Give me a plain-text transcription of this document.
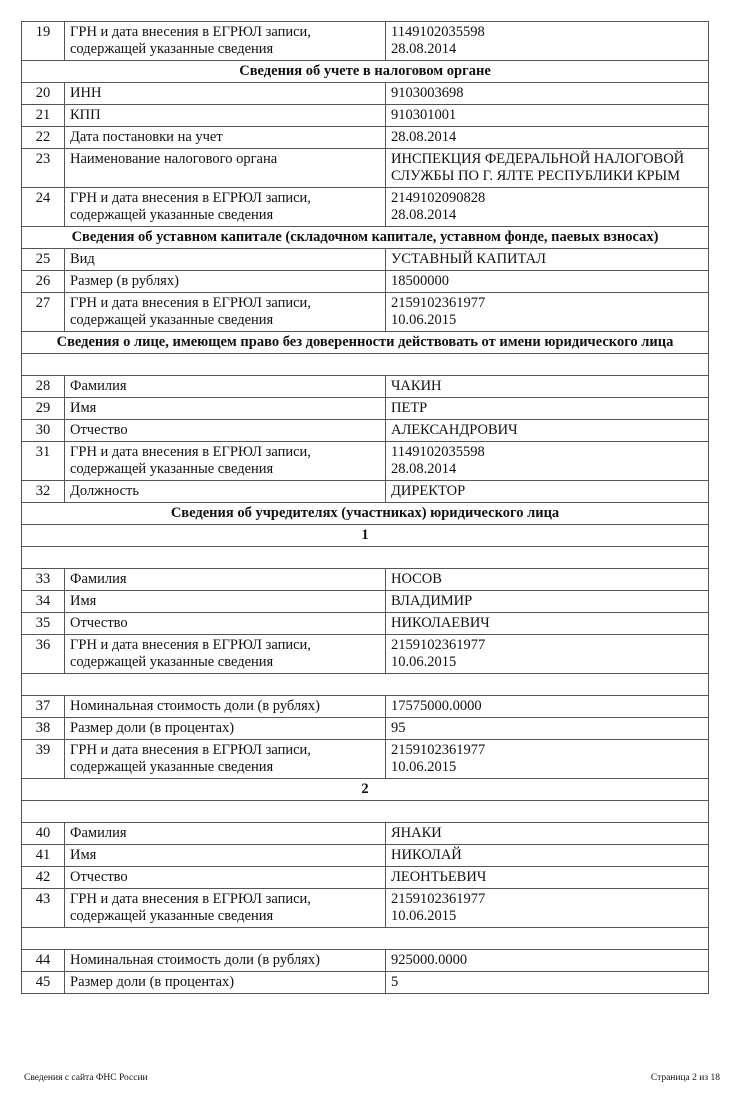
19	ГРН и дата внесения в ЕГРЮЛ записи, содержащей указанные сведения	1149102035598
28.08.2014
Сведения об учете в налоговом органе		
20	ИНН	9103003698
21	КПП	910301001
22	Дата постановки на учет	28.08.2014
23	Наименование налогового органа	ИНСПЕКЦИЯ ФЕДЕРАЛЬНОЙ НАЛОГОВОЙ СЛУЖБЫ ПО Г. ЯЛТЕ РЕСПУБЛИКИ КРЫМ
24	ГРН и дата внесения в ЕГРЮЛ записи, содержащей указанные сведения	2149102090828
28.08.2014
Сведения об уставном капитале (складочном капитале, уставном фонде, паевых взносах)		
25	Вид	УСТАВНЫЙ КАПИТАЛ
26	Размер (в рублях)	18500000
27	ГРН и дата внесения в ЕГРЮЛ записи, содержащей указанные сведения	2159102361977
10.06.2015
Сведения о лице, имеющем право без доверенности действовать от имени юридического лица		

28	Фамилия	ЧАКИН
29	Имя	ПЕТР
30	Отчество	АЛЕКСАНДРОВИЧ
31	ГРН и дата внесения в ЕГРЮЛ записи, содержащей указанные сведения	1149102035598
28.08.2014
32	Должность	ДИРЕКТОР
Сведения об учредителях (участниках) юридического лица		
1		

33	Фамилия	НОСОВ
34	Имя	ВЛАДИМИР
35	Отчество	НИКОЛАЕВИЧ
36	ГРН и дата внесения в ЕГРЮЛ записи, содержащей указанные сведения	2159102361977
10.06.2015

37	Номинальная стоимость доли (в рублях)	17575000.0000
38	Размер доли (в процентах)	95
39	ГРН и дата внесения в ЕГРЮЛ записи, содержащей указанные сведения	2159102361977
10.06.2015
2		

40	Фамилия	ЯНАКИ
41	Имя	НИКОЛАЙ
42	Отчество	ЛЕОНТЬЕВИЧ
43	ГРН и дата внесения в ЕГРЮЛ записи, содержащей указанные сведения	2159102361977
10.06.2015

44	Номинальная стоимость доли (в рублях)	925000.0000
45	Размер доли (в процентах)	5
Сведения с сайта ФНС России	Страница 2 из 18
